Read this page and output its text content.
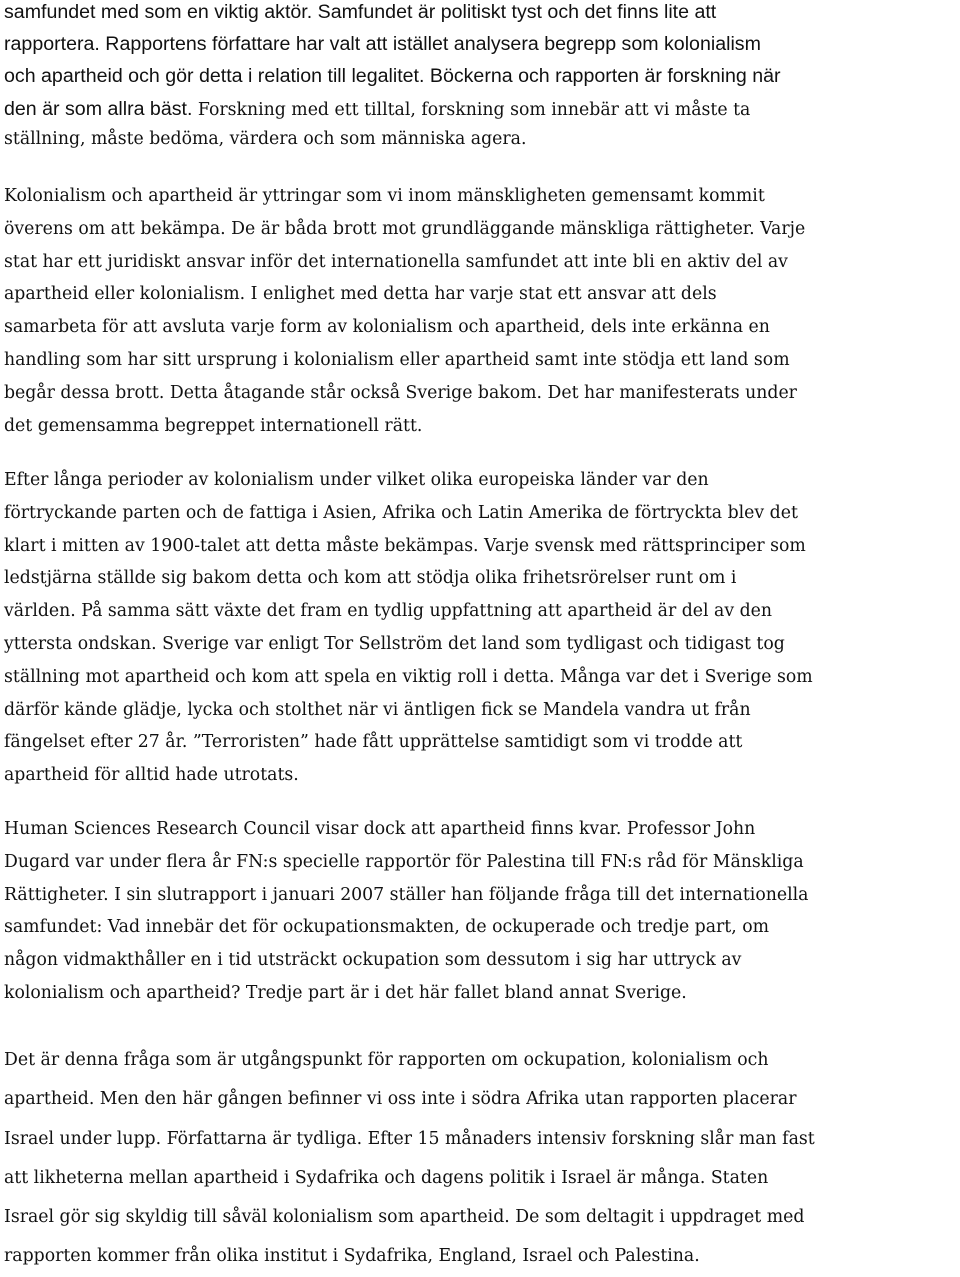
samfundet med som en viktig aktör. Samfundet är politiskt tyst och det finns lite att
rapportera. Rapportens författare har valt att istället analysera begrepp som kolonialism
och apartheid och gör detta i relation till legalitet. Böckerna och rapporten är forskning när
den är som allra bäst. Forskning med ett tilltal, forskning som innebär att vi måste ta
ställning, måste bedöma, värdera och som människa agera.
Kolonialism och apartheid är yttringar som vi inom mänskligheten gemensamt kommit
överens om att bekämpa. De är båda brott mot grundläggande mänskliga rättigheter. Varje
stat har ett juridiskt ansvar inför det internationella samfundet att inte bli en aktiv del av
apartheid eller kolonialism. I enlighet med detta har varje stat ett ansvar att dels
samarbeta för att avsluta varje form av kolonialism och apartheid, dels inte erkänna en
handling som har sitt ursprung i kolonialism eller apartheid samt inte stödja ett land som
begår dessa brott. Detta åtagande står också Sverige bakom. Det har manifesterats under
det gemensamma begreppet internationell rätt.
Efter långa perioder av kolonialism under vilket olika europeiska länder var den
förtryckande parten och de fattiga i Asien, Afrika och Latin Amerika de förtryckta blev det
klart i mitten av 1900-talet att detta måste bekämpas. Varje svensk med rättsprinciper som
ledstjärna ställde sig bakom detta och kom att stödja olika frihetsrörelser runt om i
världen. På samma sätt växte det fram en tydlig uppfattning att apartheid är del av den
yttersta ondskan. Sverige var enligt Tor Sellström det land som tydligast och tidigast tog
ställning mot apartheid och kom att spela en viktig roll i detta. Många var det i Sverige som
därför kände glädje, lycka och stolthet när vi äntligen fick se Mandela vandra ut från
fängelset efter 27 år. ”Terroristen” hade fått upprättelse samtidigt som vi trodde att
apartheid för alltid hade utrotats.
Human Sciences Research Council visar dock att apartheid finns kvar. Professor John
Dugard var under flera år FN:s specielle rapportör för Palestina till FN:s råd för Mänskliga
Rättigheter. I sin slutrapport i januari 2007 ställer han följande fråga till det internationella
samfundet: Vad innebär det för ockupationsmakten, de ockuperade och tredje part, om
någon vidmakthåller en i tid utsträckt ockupation som dessutom i sig har uttryck av
kolonialism och apartheid? Tredje part är i det här fallet bland annat Sverige.
Det är denna fråga som är utgångspunkt för rapporten om ockupation, kolonialism och
apartheid. Men den här gången befinner vi oss inte i södra Afrika utan rapporten placerar
Israel under lupp. Författarna är tydliga. Efter 15 månaders intensiv forskning slår man fast
att likheterna mellan apartheid i Sydafrika och dagens politik i Israel är många. Staten
Israel gör sig skyldig till såväl kolonialism som apartheid. De som deltagit i uppdraget med
rapporten kommer från olika institut i Sydafrika, England, Israel och Palestina.
